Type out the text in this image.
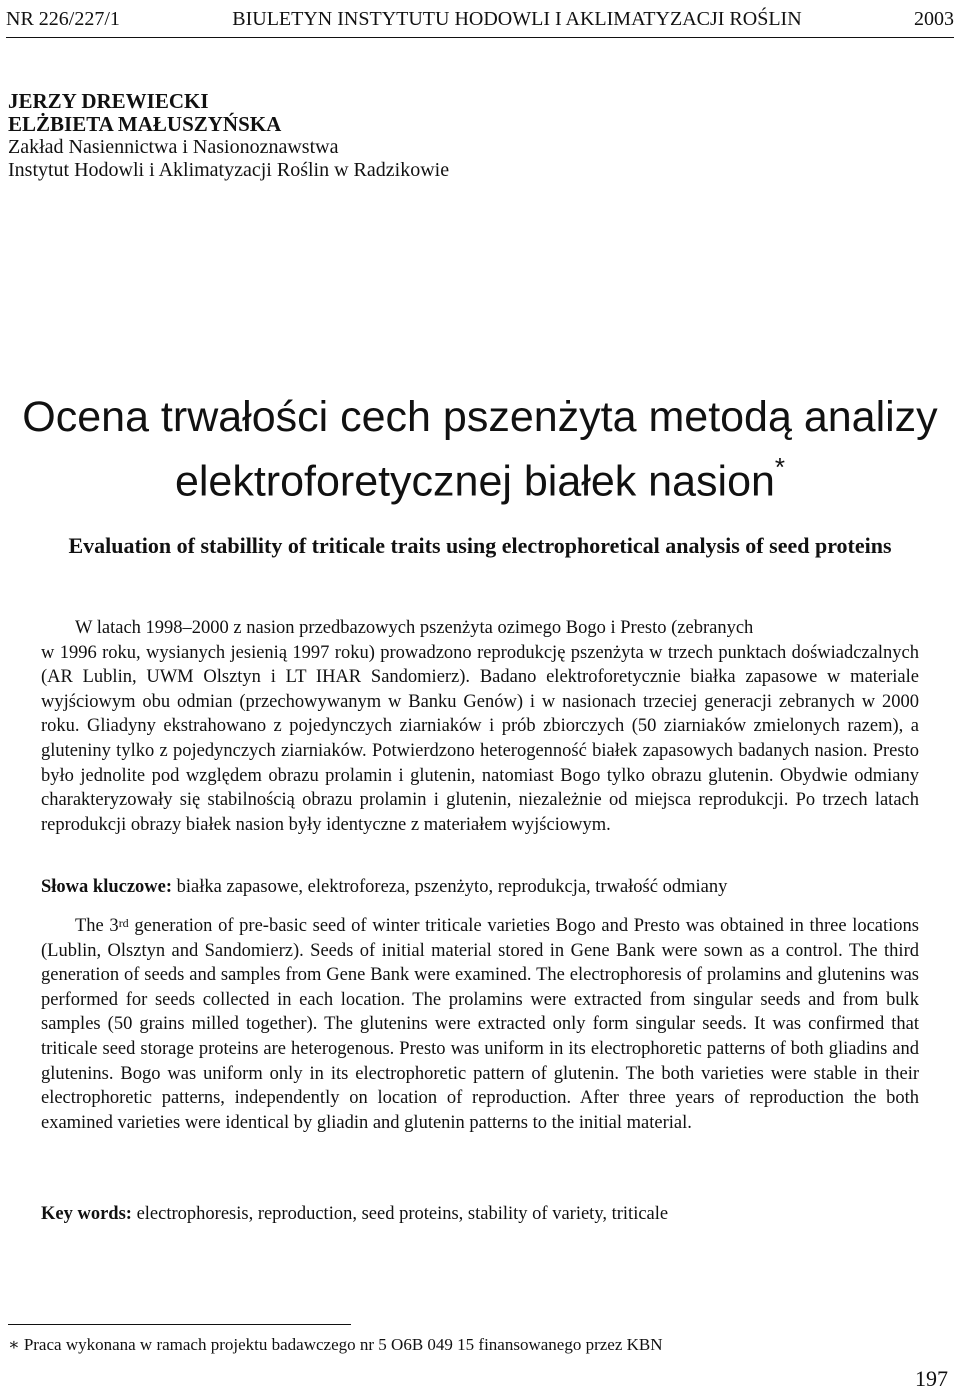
NR 226/227/1	BIULETYN INSTYTUTU HODOWLI I AKLIMATYZACJI ROŚLIN	2003
JERZY DREWIECKI
ELŻBIETA MAŁUSZYŃSKA
Zakład Nasiennictwa i Nasionoznawstwa
Instytut Hodowli i Aklimatyzacji Roślin w Radzikowie
Ocena trwałości cech pszenżyta metodą analizy
elektroforetycznej białek nasion*
Evaluation of stabillity of triticale traits using electrophoretical analysis of seed proteins
W latach 1998–2000 z nasion przedbazowych pszenżyta ozimego Bogo i Presto (zebranych
w 1996 roku, wysianych jesienią 1997 roku) prowadzono reprodukcję pszenżyta w trzech punktach doświadczalnych (AR Lublin, UWM Olsztyn i LT IHAR Sandomierz). Badano elektroforetycznie białka zapasowe w materiale wyjściowym obu odmian (przechowywanym w Banku Genów) i w nasionach trzeciej generacji zebranych w 2000 roku. Gliadyny ekstrahowano z pojedynczych ziarniaków i prób zbiorczych (50 ziarniaków zmielonych razem), a gluteniny tylko z pojedynczych ziarniaków. Potwierdzono heterogenność białek zapasowych badanych nasion. Presto było jednolite pod względem obrazu prolamin i glutenin, natomiast Bogo tylko obrazu glutenin. Obydwie odmiany charakteryzowały się stabilnością obrazu prolamin i glutenin, niezależnie od miejsca reprodukcji. Po trzech latach reprodukcji obrazy białek nasion były identyczne z materiałem wyjściowym.
Słowa kluczowe: białka zapasowe, elektroforeza, pszenżyto, reprodukcja, trwałość odmiany

The 3rd generation of pre-basic seed of winter triticale varieties Bogo and Presto was obtained in three locations (Lublin, Olsztyn and Sandomierz). Seeds of initial material stored in Gene Bank were sown as a control. The third generation of seeds and samples from Gene Bank were examined. The electrophoresis of prolamins and glutenins was performed for seeds collected in each location. The prolamins were extracted from singular seeds and from bulk samples (50 grains milled together). The glutenins were extracted only form singular seeds. It was confirmed that triticale seed storage proteins are heterogenous. Presto was uniform in its electrophoretic patterns of both gliadins and glutenins. Bogo was uniform only in its electrophoretic pattern of glutenin. The both varieties were stable in their electrophoretic patterns, independently on location of reproduction. After three years of reproduction the both examined varieties were identical by gliadin and glutenin patterns to the initial material.

Key words: electrophoresis, reproduction, seed proteins, stability of variety, triticale
∗ Praca wykonana w ramach projektu badawczego nr 5 O6B 049 15 finansowanego przez KBN
197
